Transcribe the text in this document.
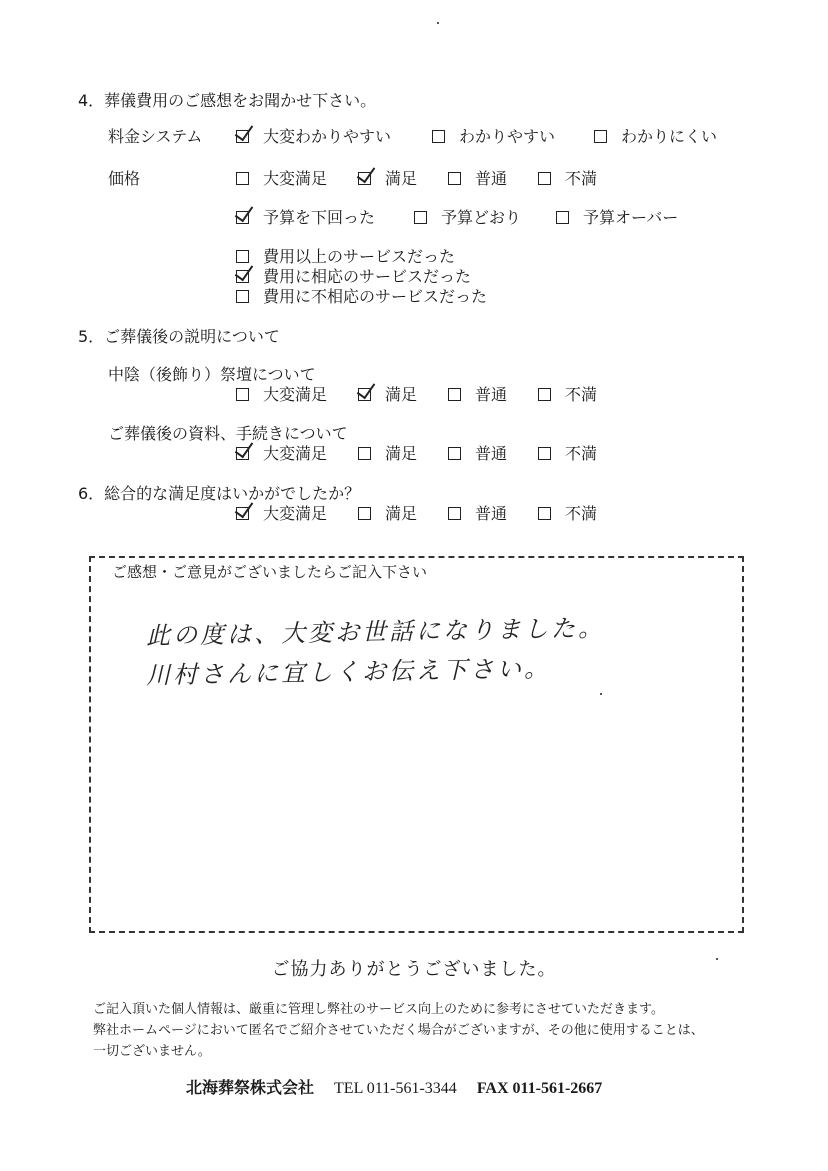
4．葬儀費用のご感想をお聞かせ下さい。
料金システム	大変わかりやすい	わかりやすい	わかりにくい
価格	大変満足	満足	普通	不満
予算を下回った	予算どおり	予算オーバー
費用以上のサービスだった
費用に相応のサービスだった
費用に不相応のサービスだった
5．ご葬儀後の説明について
中陰（後飾り）祭壇について
大変満足	満足	普通	不満
ご葬儀後の資料、手続きについて
大変満足	満足	普通	不満
6．総合的な満足度はいかがでしたか？
大変満足	満足	普通	不満
ご感想・ご意見がございましたらご記入下さい
此の度は、大変お世話になりました。
川村さんに宜しくお伝え下さい。
ご協力ありがとうございました。
ご記入頂いた個人情報は、厳重に管理し弊社のサービス向上のために参考にさせていただきます。
弊社ホームページにおいて匿名でご紹介させていただく場合がございますが、その他に使用することは、
一切ございません。
北海葬祭株式会社 TEL 011-561-3344 FAX 011-561-2667
